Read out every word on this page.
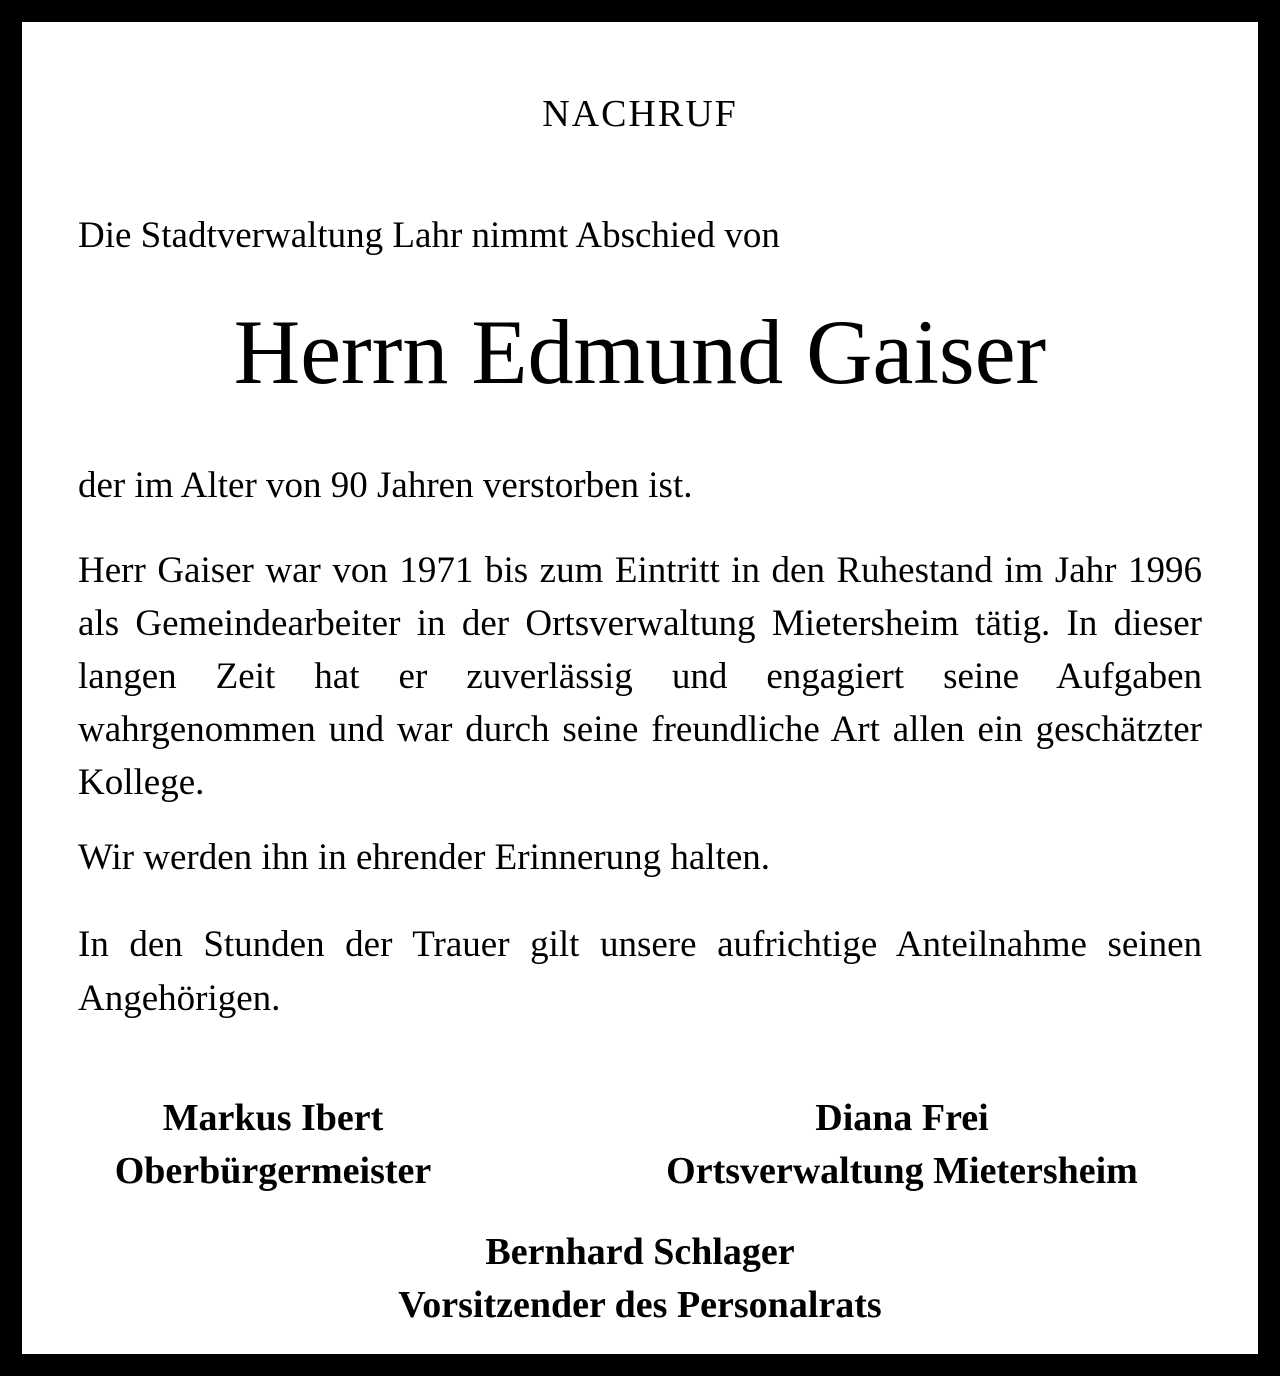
NACHRUF
Die Stadtverwaltung Lahr nimmt Abschied von
Herrn Edmund Gaiser
der im Alter von 90 Jahren verstorben ist.
Herr Gaiser war von 1971 bis zum Eintritt in den Ruhestand im Jahr 1996 als Gemeindearbeiter in der Ortsverwaltung Mietersheim tätig. In dieser langen Zeit hat er zuverlässig und engagiert seine Aufgaben wahrgenommen und war durch seine freundliche Art allen ein geschätzter Kollege.
Wir werden ihn in ehrender Erinnerung halten.
In den Stunden der Trauer gilt unsere aufrichtige Anteilnahme seinen Angehörigen.
Markus Ibert
Oberbürgermeister
Diana Frei
Ortsverwaltung Mietersheim
Bernhard Schlager
Vorsitzender des Personalrats
